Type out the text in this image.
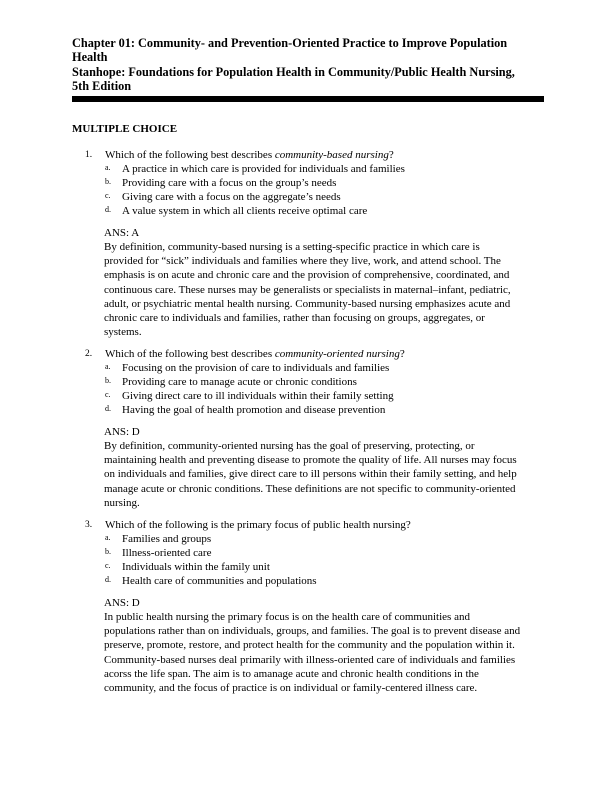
Chapter 01: Community- and Prevention-Oriented Practice to Improve Population
Health
Stanhope: Foundations for Population Health in Community/Public Health Nursing,
5th Edition
MULTIPLE CHOICE
1. Which of the following best describes community-based nursing?
a. A practice in which care is provided for individuals and families
b. Providing care with a focus on the group’s needs
c. Giving care with a focus on the aggregate’s needs
d. A value system in which all clients receive optimal care
ANS: A
By definition, community-based nursing is a setting-specific practice in which care is
provided for “sick” individuals and families where they live, work, and attend school. The
emphasis is on acute and chronic care and the provision of comprehensive, coordinated, and
continuous care. These nurses may be generalists or specialists in maternal–infant, pediatric,
adult, or psychiatric mental health nursing. Community-based nursing emphasizes acute and
chronic care to individuals and families, rather than focusing on groups, aggregates, or
systems.
2. Which of the following best describes community-oriented nursing?
a. Focusing on the provision of care to individuals and families
b. Providing care to manage acute or chronic conditions
c. Giving direct care to ill individuals within their family setting
d. Having the goal of health promotion and disease prevention
ANS: D
By definition, community-oriented nursing has the goal of preserving, protecting, or
maintaining health and preventing disease to promote the quality of life. All nurses may focus
on individuals and families, give direct care to ill persons within their family setting, and help
manage acute or chronic conditions. These definitions are not specific to community-oriented
nursing.
3. Which of the following is the primary focus of public health nursing?
a. Families and groups
b. Illness-oriented care
c. Individuals within the family unit
d. Health care of communities and populations
ANS: D
In public health nursing the primary focus is on the health care of communities and
populations rather than on individuals, groups, and families. The goal is to prevent disease and
preserve, promote, restore, and protect health for the community and the population within it.
Community-based nurses deal primarily with illness-oriented care of individuals and families
acorss the life span. The aim is to amanage acute and chronic health conditions in the
community, and the focus of practice is on individual or family-centered illness care.
